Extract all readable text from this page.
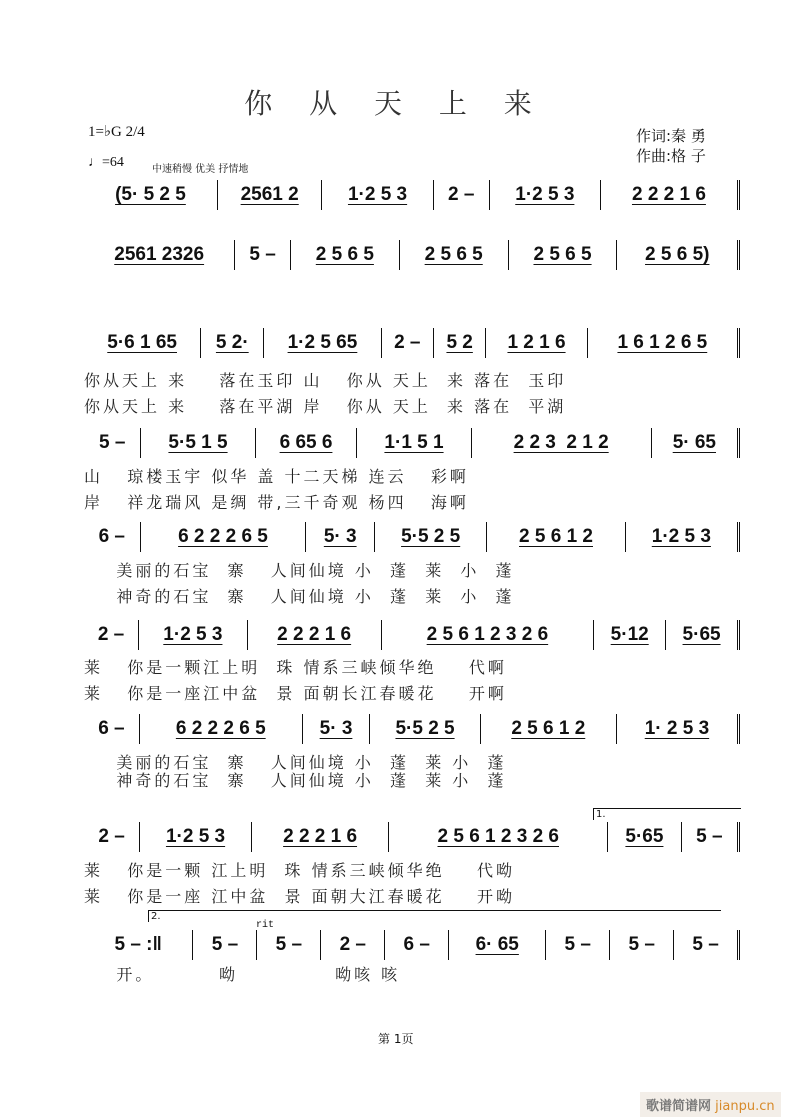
你 从 天 上 来
1=♭G 2/4
♩=64	中速稍慢 优美 抒情地
作词:秦 勇
作曲:格 子
1.
2.
rit
(5· 5 2 5	2561 2	1·2 5 3	2 –	1·2 5 3	2 2 2 1 6
2561 2326	5 –	2 5 6 5	2 5 6 5	2 5 6 5	2 5 6 5)
5·6 1 65	5 2·	1·2 5 65	2 –	5 2	1 2 1 6	1 6 1 2 6 5
5 –	5·5 1 5	6 65 6	1·1 5 1	2 2 3  2 1 2	5· 65
6 –	6 2 2 2 6 5	5· 3	5·5 2 5	2 5 6 1 2	1·2 5 3
2 –	1·2 5 3	2 2 2 1 6	2 5 6 1 2 3 2 6	5·12	5·65
6 –	6 2 2 2 6 5	5· 3	5·5 2 5	2 5 6 1 2	1· 2 5 3
2 –	1·2 5 3	2 2 2 1 6	2 5 6 1 2 3 2 6	5·65	5 –
5 – :‖	5 –	5 –	2 –	6 –	6· 65	5 –	5 –	5 –
你从天上 来    落在玉印 山   你从 天上  来 落在  玉印
你从天上 来    落在平湖 岸   你从 天上  来 落在  平湖
山   琼楼玉宇 似华 盖 十二天梯 连云   彩啊
岸   祥龙瑞风 是绸 带,三千奇观 杨四   海啊
美丽的石宝  寨   人间仙境 小  蓬  莱  小  蓬
神奇的石宝  寨   人间仙境 小  蓬  莱  小  蓬
莱   你是一颗江上明  珠 情系三峡倾华绝    代啊
莱   你是一座江中盆  景 面朝长江春暖花    开啊
美丽的石宝  寨   人间仙境 小  蓬  莱 小  蓬
神奇的石宝  寨   人间仙境 小  蓬  莱 小  蓬
莱   你是一颗 江上明  珠 情系三峡倾华绝    代呦
莱   你是一座 江中盆  景 面朝大江春暖花    开呦
开。        呦            呦咳 咳
第 1页
歌谱简谱网 jianpu.cn
